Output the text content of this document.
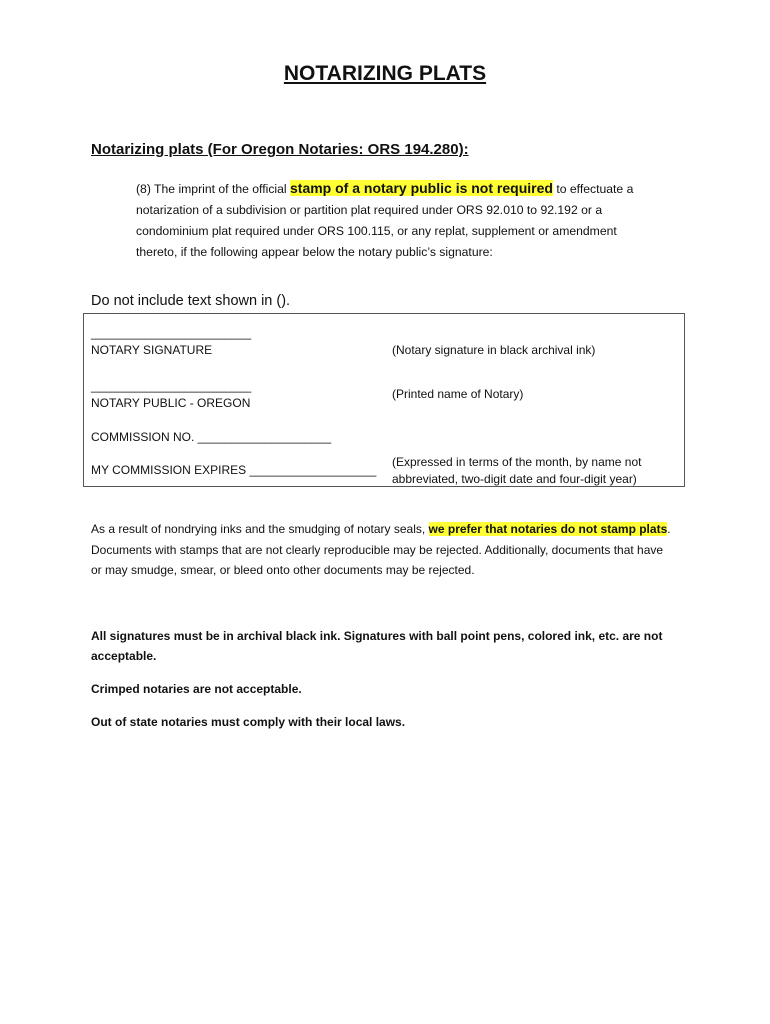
NOTARIZING PLATS
Notarizing plats (For Oregon Notaries: ORS 194.280):
(8) The imprint of the official stamp of a notary public is not required to effectuate a notarization of a subdivision or partition plat required under ORS 92.010 to 92.192 or a condominium plat required under ORS 100.115, or any replat, supplement or amendment thereto, if the following appear below the notary public’s signature:
Do not include text shown in ().
________________________
NOTARY SIGNATURE	(Notary signature in black archival ink)
________________________
NOTARY PUBLIC - OREGON
(Printed name of Notary)
COMMISSION NO. ____________________
MY COMMISSION EXPIRES ___________________
(Expressed in terms of the month, by name not
abbreviated, two-digit date and four-digit year)
As a result of nondrying inks and the smudging of notary seals, we prefer that notaries do not stamp plats. Documents with stamps that are not clearly reproducible may be rejected. Additionally, documents that have or may smudge, smear, or bleed onto other documents may be rejected.
All signatures must be in archival black ink. Signatures with ball point pens, colored ink, etc. are not acceptable.
Crimped notaries are not acceptable.
Out of state notaries must comply with their local laws.
